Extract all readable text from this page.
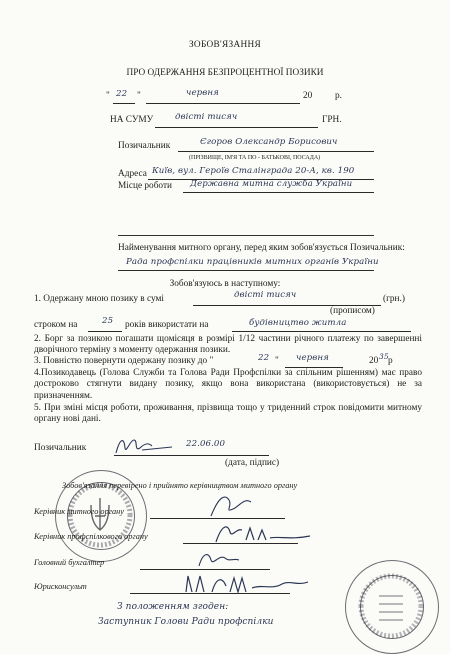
ЗОБОВ'ЯЗАННЯ
ПРО ОДЕРЖАННЯ БЕЗПРОЦЕНТНОЇ ПОЗИКИ
" 22 "	червня	20 р.
НА СУМУ	двісті тисяч	ГРН.
Позичальник	Єгоров Олександр Борисович
(ПРІЗВИЩЕ, ІМ'Я ТА ПО - БАТЬКОВІ, ПОСАДА)
Адреса Київ, вул. Героїв Сталінграда 20-А, кв. 190
Місце роботи Державна митна служба України
Найменування митного органу, перед яким зобов'язується Позичальник:
Рада профспілки працівників митних органів України
Зобов'язуюсь в наступному:
1. Одержану мною позику в сумі	двісті тисяч	(грн.)
(прописом)
строком на	25 років використати на	будівництво житла
2. Борг за позикою погашати щомісяця в розмірі 1/12 частини річного платежу по завершенні дворічного терміну з моменту одержання позики.
3. Повністю повернути одержану позику до "	22 " червня	20 35 р
4.Позикодавець (Голова Служби та Голова Ради Профспілки за спільним рішенням) має право достроково стягнути видану позику, якщо вона використана (використовується) не за призначенням.
5. При зміні місця роботи, проживання, прізвища тощо у триденний строк повідомити митному органу нові дані.
Позичальник	22.06.00
(дата, підпис)
Зобов'язання перевірено і прийнято керівництвом митного органу
Керівник митного органу
Керівник профспілкового органу
Головний бухгалтер
Юрисконсульт
З положенням згоден:
Заступник Голови Ради профспілки
